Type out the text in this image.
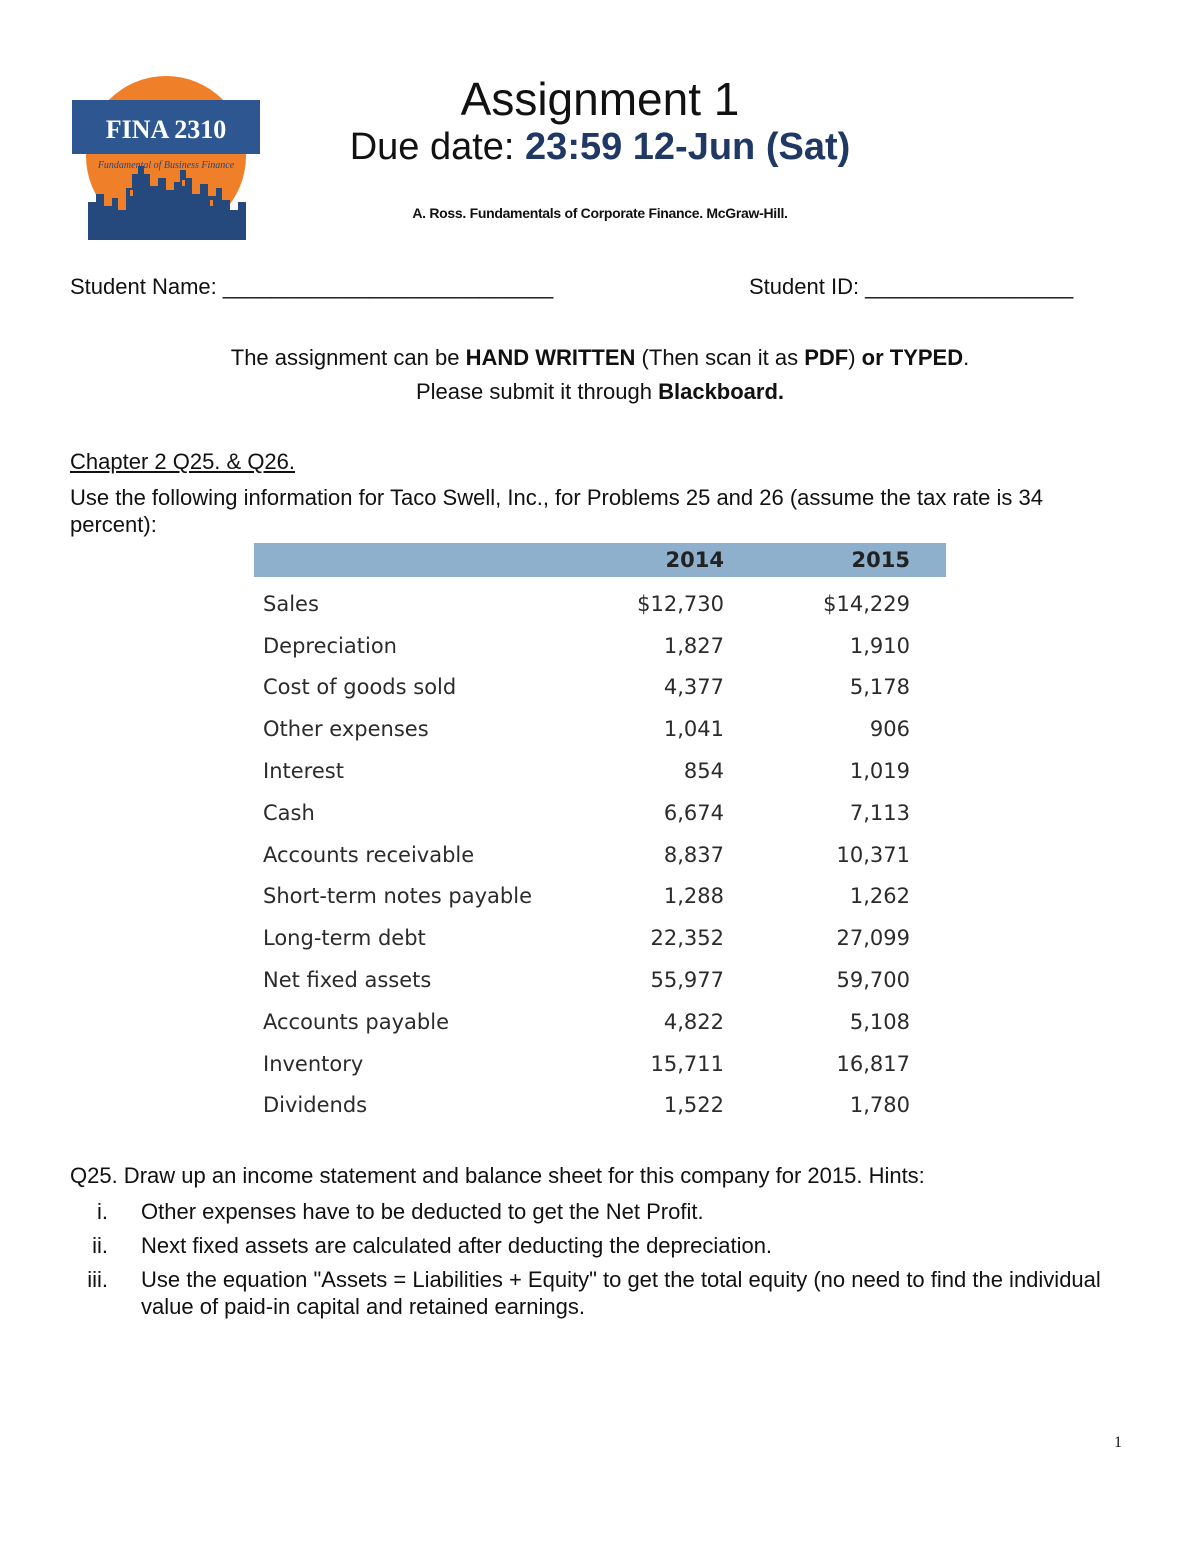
FINA 2310
Fundamental of Business Finance
Assignment 1
Due date: 23:59 12-Jun (Sat)
A. Ross. Fundamentals of Corporate Finance. McGraw-Hill.
Student Name: ___________________________	Student ID: _________________
The assignment can be HAND WRITTEN (Then scan it as PDF) or TYPED.
Please submit it through Blackboard.
Chapter 2 Q25. & Q26.
Use the following information for Taco Swell, Inc., for Problems 25 and 26 (assume the tax rate is 34 percent):
	2014	2015
Sales	$12,730	$14,229
Depreciation	1,827	1,910
Cost of goods sold	4,377	5,178
Other expenses	1,041	906
Interest	854	1,019
Cash	6,674	7,113
Accounts receivable	8,837	10,371
Short-term notes payable	1,288	1,262
Long-term debt	22,352	27,099
Net fixed assets	55,977	59,700
Accounts payable	4,822	5,108
Inventory	15,711	16,817
Dividends	1,522	1,780
Q25. Draw up an income statement and balance sheet for this company for 2015. Hints:
i. Other expenses have to be deducted to get the Net Profit.
ii. Next fixed assets are calculated after deducting the depreciation.
iii. Use the equation "Assets = Liabilities + Equity" to get the total equity (no need to find the individual value of paid-in capital and retained earnings.
1
